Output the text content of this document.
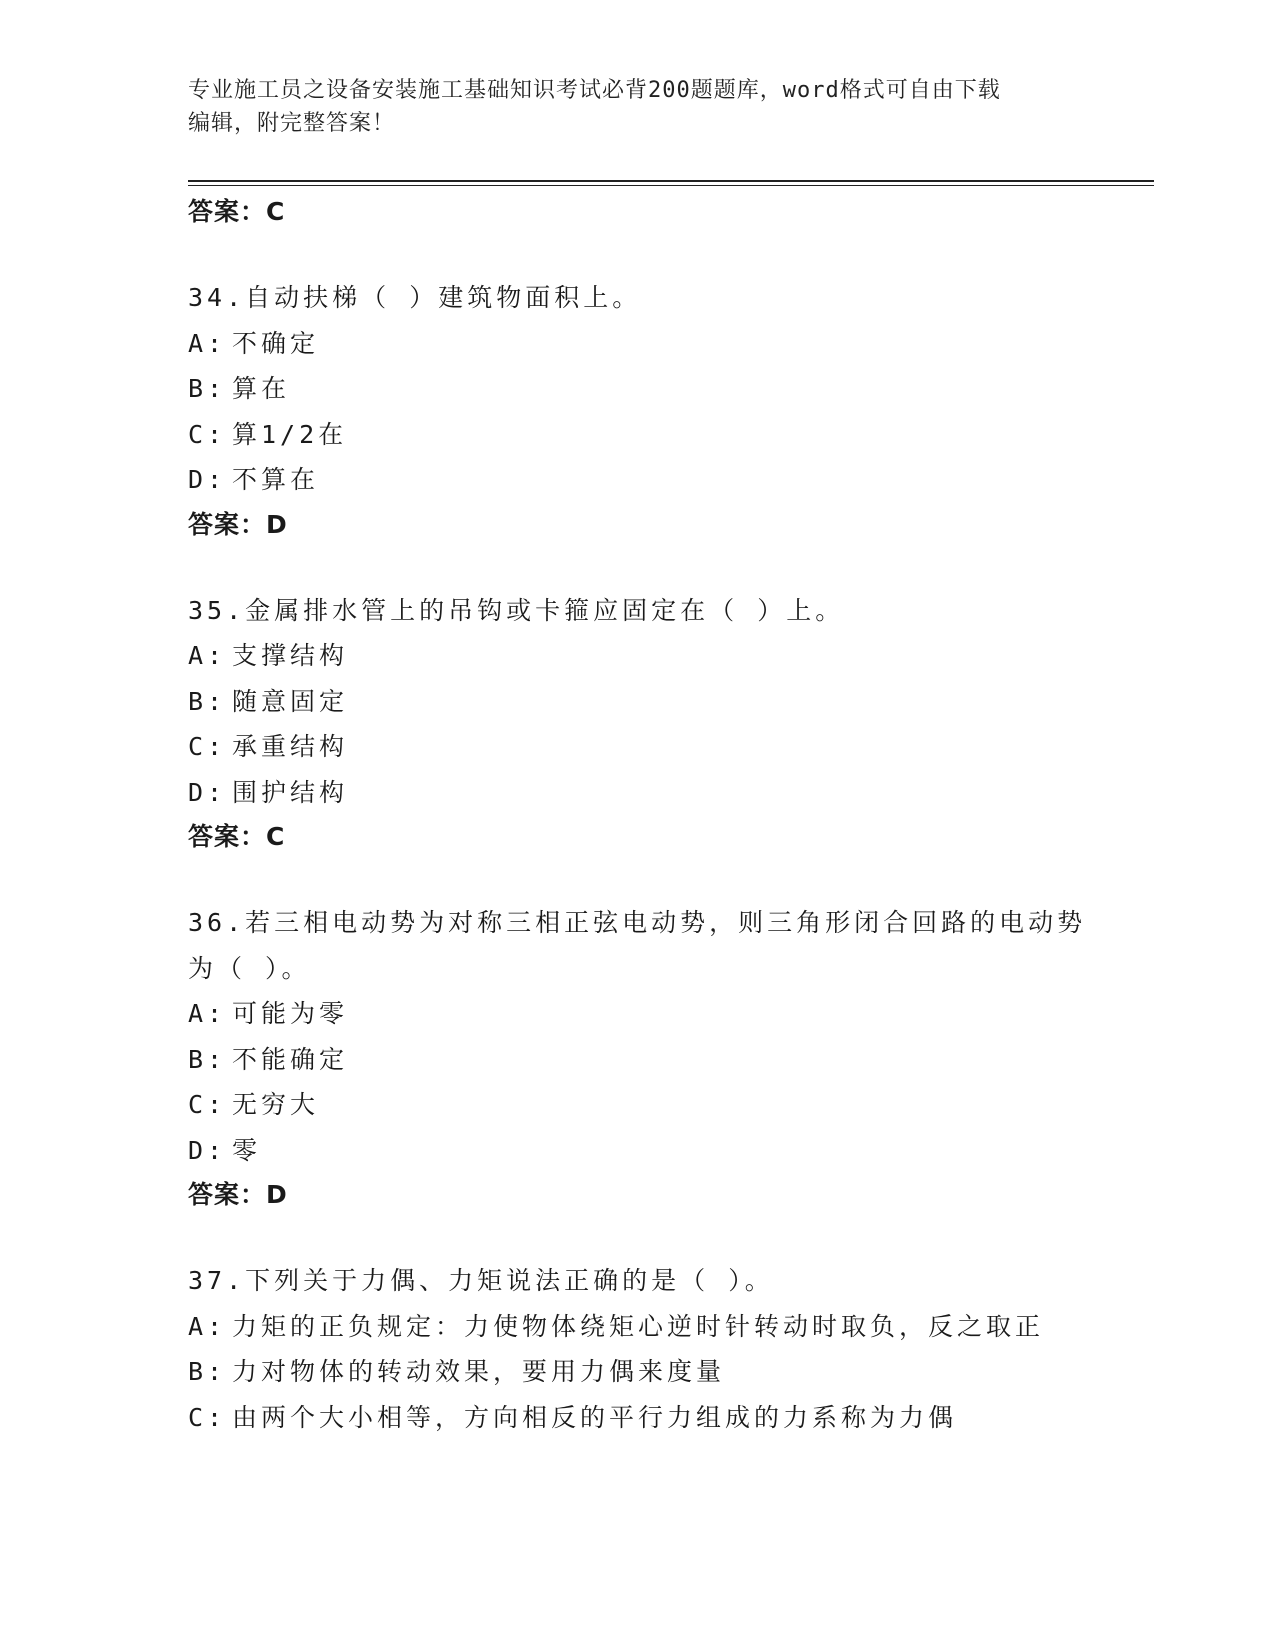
专业施工员之设备安装施工基础知识考试必背200题题库，word格式可自由下载
编辑，附完整答案！
答案：C
34.自动扶梯（ ）建筑物面积上。
A: 不确定
B: 算在
C: 算1/2在
D: 不算在
答案：D
35.金属排水管上的吊钩或卡箍应固定在（ ）上。
A: 支撑结构
B: 随意固定
C: 承重结构
D: 围护结构
答案：C
36.若三相电动势为对称三相正弦电动势，则三角形闭合回路的电动势
为（ ）。
A: 可能为零
B: 不能确定
C: 无穷大
D: 零
答案：D
37.下列关于力偶、力矩说法正确的是（ ）。
A: 力矩的正负规定：力使物体绕矩心逆时针转动时取负，反之取正
B: 力对物体的转动效果，要用力偶来度量
C: 由两个大小相等，方向相反的平行力组成的力系称为力偶
